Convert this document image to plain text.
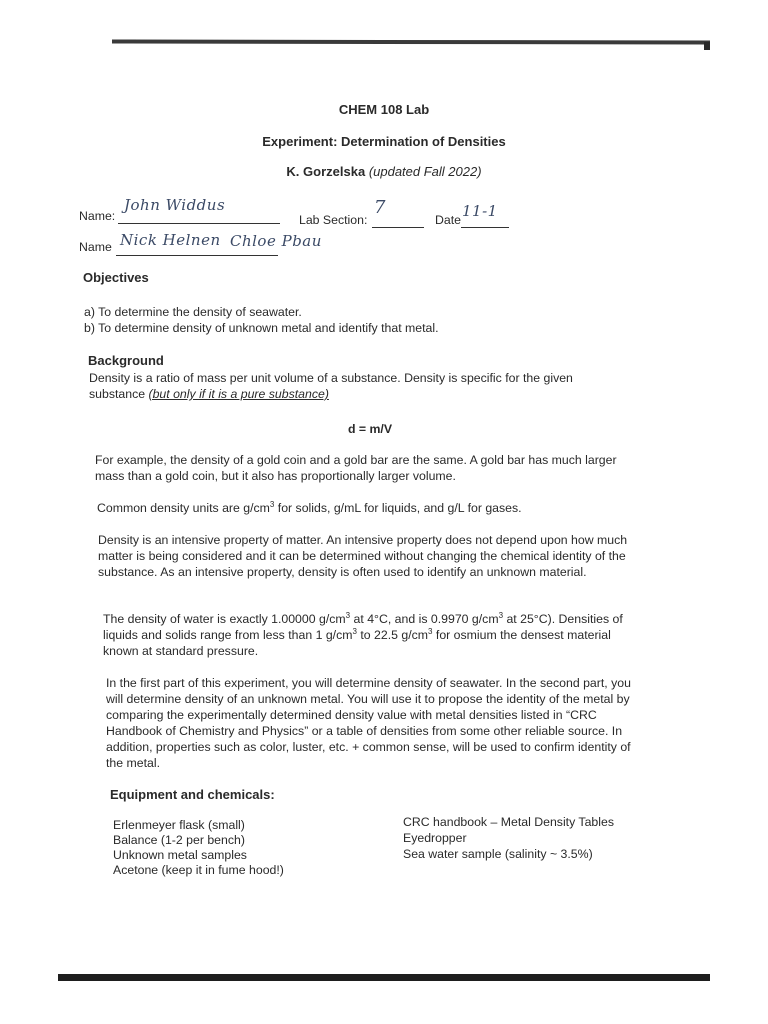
CHEM 108 Lab
Experiment: Determination of Densities
K. Gorzelska (updated Fall 2022)
Name:
John Widdus
Lab Section:
7
Date 11-1
Name Nick Helnen Chloe Pbau
Objectives
a) To determine the density of seawater.
b) To determine density of unknown metal and identify that metal.
Background
Density is a ratio of mass per unit volume of a substance. Density is specific for the given substance (but only if it is a pure substance)
d = m/V
For example, the density of a gold coin and a gold bar are the same. A gold bar has much larger mass than a gold coin, but it also has proportionally larger volume.
Common density units are $g/cm^3$ for solids, g/mL for liquids, and g/L for gases.
Density is an intensive property of matter. An intensive property does not depend upon how much matter is being considered and it can be determined without changing the chemical identity of the substance. As an intensive property, density is often used to identify an unknown material.
The density of water is exactly 1.00000 $g/cm^3$ at 4°C, and is 0.9970 $g/cm^3$ at 25°C). Densities of liquids and solids range from less than 1 $g/cm^3$ to 22.5 $g/cm^3$ for osmium the densest material known at standard pressure.
In the first part of this experiment, you will determine density of seawater. In the second part, you will determine density of an unknown metal. You will use it to propose the identity of the metal by comparing the experimentally determined density value with metal densities listed in “CRC Handbook of Chemistry and Physics” or a table of densities from some other reliable source. In addition, properties such as color, luster, etc. + common sense, will be used to confirm identity of the metal.
Equipment and chemicals:
Erlenmeyer flask (small)
Balance (1-2 per bench)
Unknown metal samples
Acetone (keep it in fume hood!)
CRC handbook – Metal Density Tables
Eyedropper
Sea water sample (salinity ~ 3.5%)
